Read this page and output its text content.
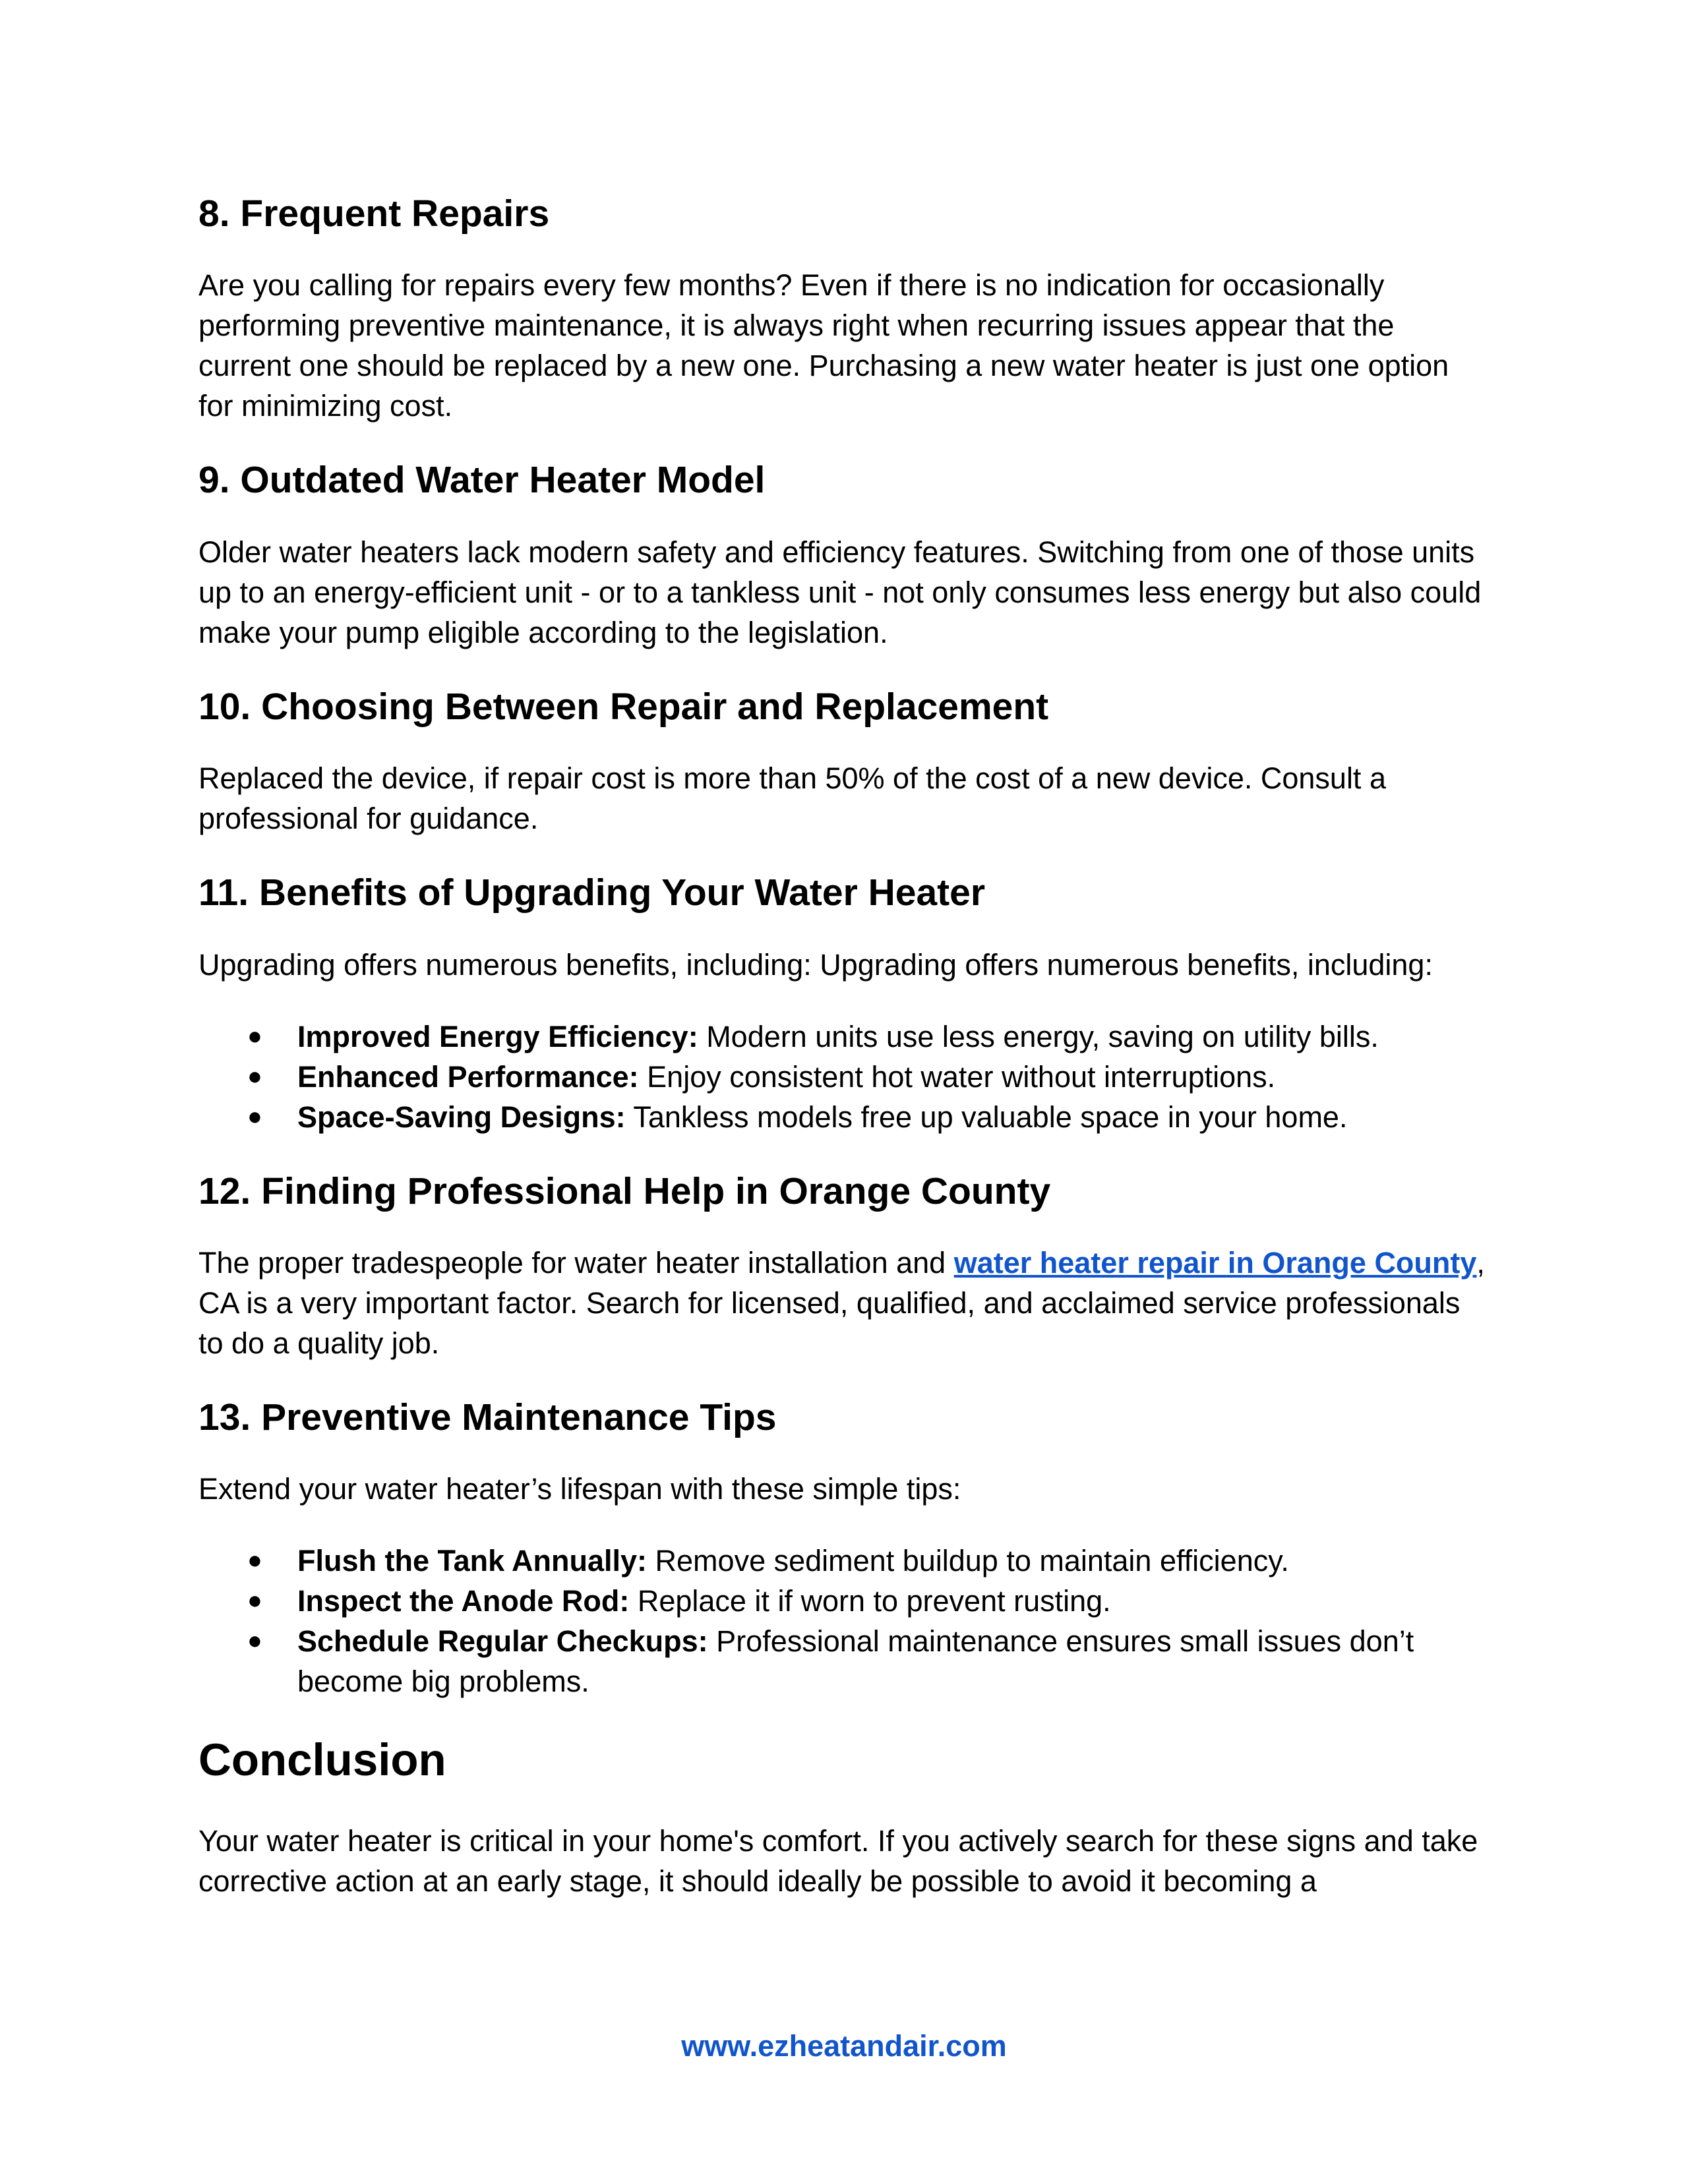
8. Frequent Repairs

Are you calling for repairs every few months? Even if there is no indication for occasionally performing preventive maintenance, it is always right when recurring issues appear that the current one should be replaced by a new one. Purchasing a new water heater is just one option for minimizing cost.

9. Outdated Water Heater Model

Older water heaters lack modern safety and efficiency features. Switching from one of those units up to an energy-efficient unit - or to a tankless unit - not only consumes less energy but also could make your pump eligible according to the legislation.

10. Choosing Between Repair and Replacement

Replaced the device, if repair cost is more than 50% of the cost of a new device. Consult a professional for guidance.

11. Benefits of Upgrading Your Water Heater

Upgrading offers numerous benefits, including: Upgrading offers numerous benefits, including:

● Improved Energy Efficiency: Modern units use less energy, saving on utility bills.
● Enhanced Performance: Enjoy consistent hot water without interruptions.
● Space-Saving Designs: Tankless models free up valuable space in your home.
12. Finding Professional Help in Orange County

The proper tradespeople for water heater installation and water heater repair in Orange County, CA is a very important factor. Search for licensed, qualified, and acclaimed service professionals to do a quality job.

13. Preventive Maintenance Tips

Extend your water heater’s lifespan with these simple tips:

● Flush the Tank Annually: Remove sediment buildup to maintain efficiency.
● Inspect the Anode Rod: Replace it if worn to prevent rusting.
● Schedule Regular Checkups: Professional maintenance ensures small issues don’t become big problems.
Conclusion

Your water heater is critical in your home's comfort. If you actively search for these signs and take corrective action at an early stage, it should ideally be possible to avoid it becoming a

www.ezheatandair.com
